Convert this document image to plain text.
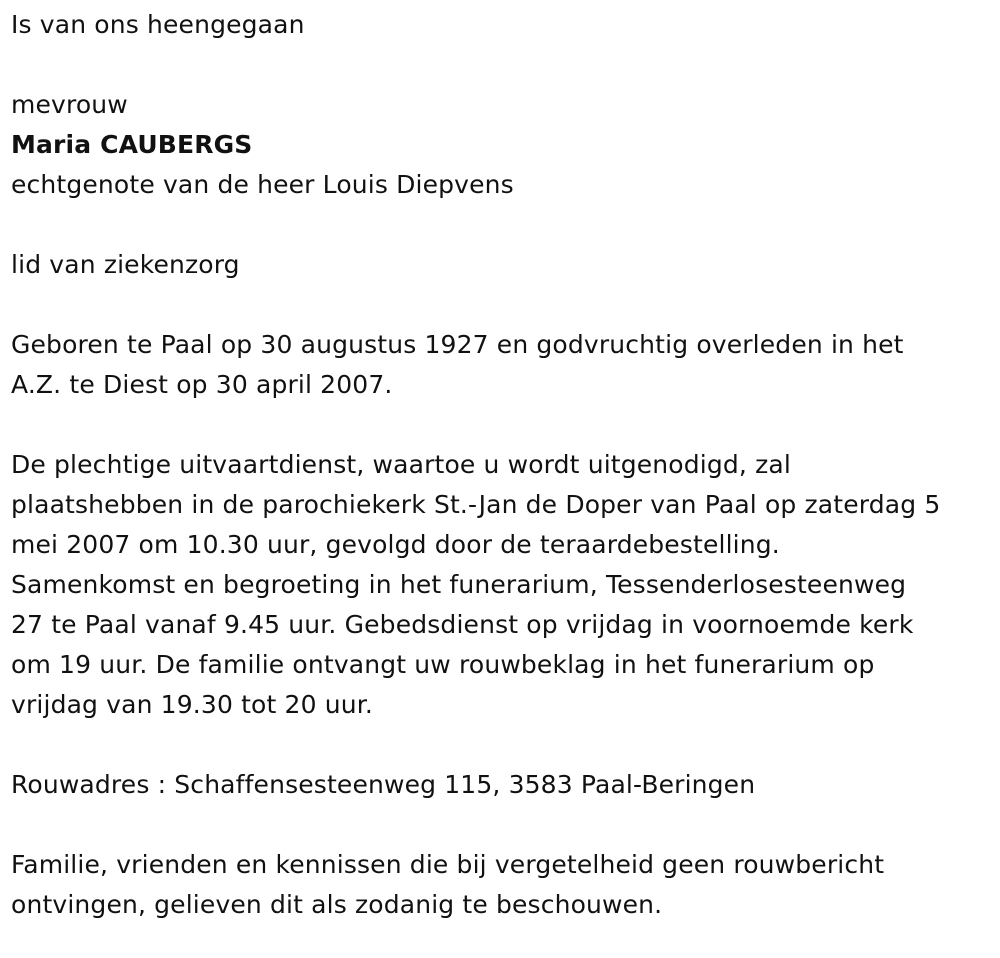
Is van ons heengegaan

mevrouw

Maria CAUBERGS

echtgenote van de heer Louis Diepvens

lid van ziekenzorg

Geboren te Paal op 30 augustus 1927 en godvruchtig overleden in het
A.Z. te Diest op 30 april 2007.

De plechtige uitvaartdienst, waartoe u wordt uitgenodigd, zal
plaatshebben in de parochiekerk St.-Jan de Doper van Paal op zaterdag 5
mei 2007 om 10.30 uur, gevolgd door de teraardebestelling.
Samenkomst en begroeting in het funerarium, Tessenderlosesteenweg
27 te Paal vanaf 9.45 uur. Gebedsdienst op vrijdag in voornoemde kerk
om 19 uur. De familie ontvangt uw rouwbeklag in het funerarium op
vrijdag van 19.30 tot 20 uur.

Rouwadres : Schaffensesteenweg 115, 3583 Paal-Beringen

Familie, vrienden en kennissen die bij vergetelheid geen rouwbericht
ontvingen, gelieven dit als zodanig te beschouwen.
